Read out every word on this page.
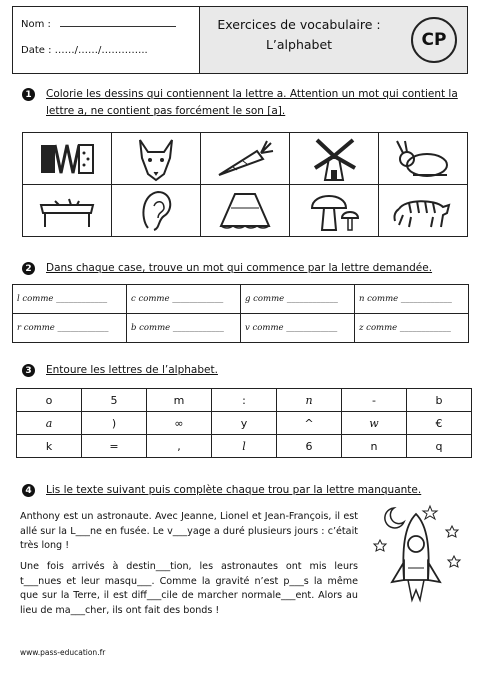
Nom :
Date : ……/……/…………..
Exercices de vocabulaire :
L’alphabet	CP
1	Colorie les dessins qui contiennent la lettre a. Attention un mot qui contient la lettre a, ne contient pas forcément le son [a].

2	Dans chaque case, trouve un mot qui commence par la lettre demandée.
l comme ____________	c comme ____________	g comme ____________	n comme ____________
r comme ____________	b comme ____________	v comme ____________	z comme ____________
3	Entoure les lettres de l’alphabet.
o	5	m	:	n	-	b
a	)	∞	y	^	w	€
k	=	,	l	6	n	q
4	Lis le texte suivant puis complète chaque trou par la lettre manquante.
Anthony est un astronaute. Avec Jeanne, Lionel et Jean-François, il est allé sur la L___ne en fusée. Le v___yage a duré plusieurs jours : c’était très long !
Une fois arrivés à destin___tion, les astronautes ont mis leurs t___nues et leur masqu___. Comme la gravité n’est p___s la même que sur la Terre, il est diff___cile de marcher normale___ent. Alors au lieu de ma___cher, ils ont fait des bonds !
www.pass-education.fr
